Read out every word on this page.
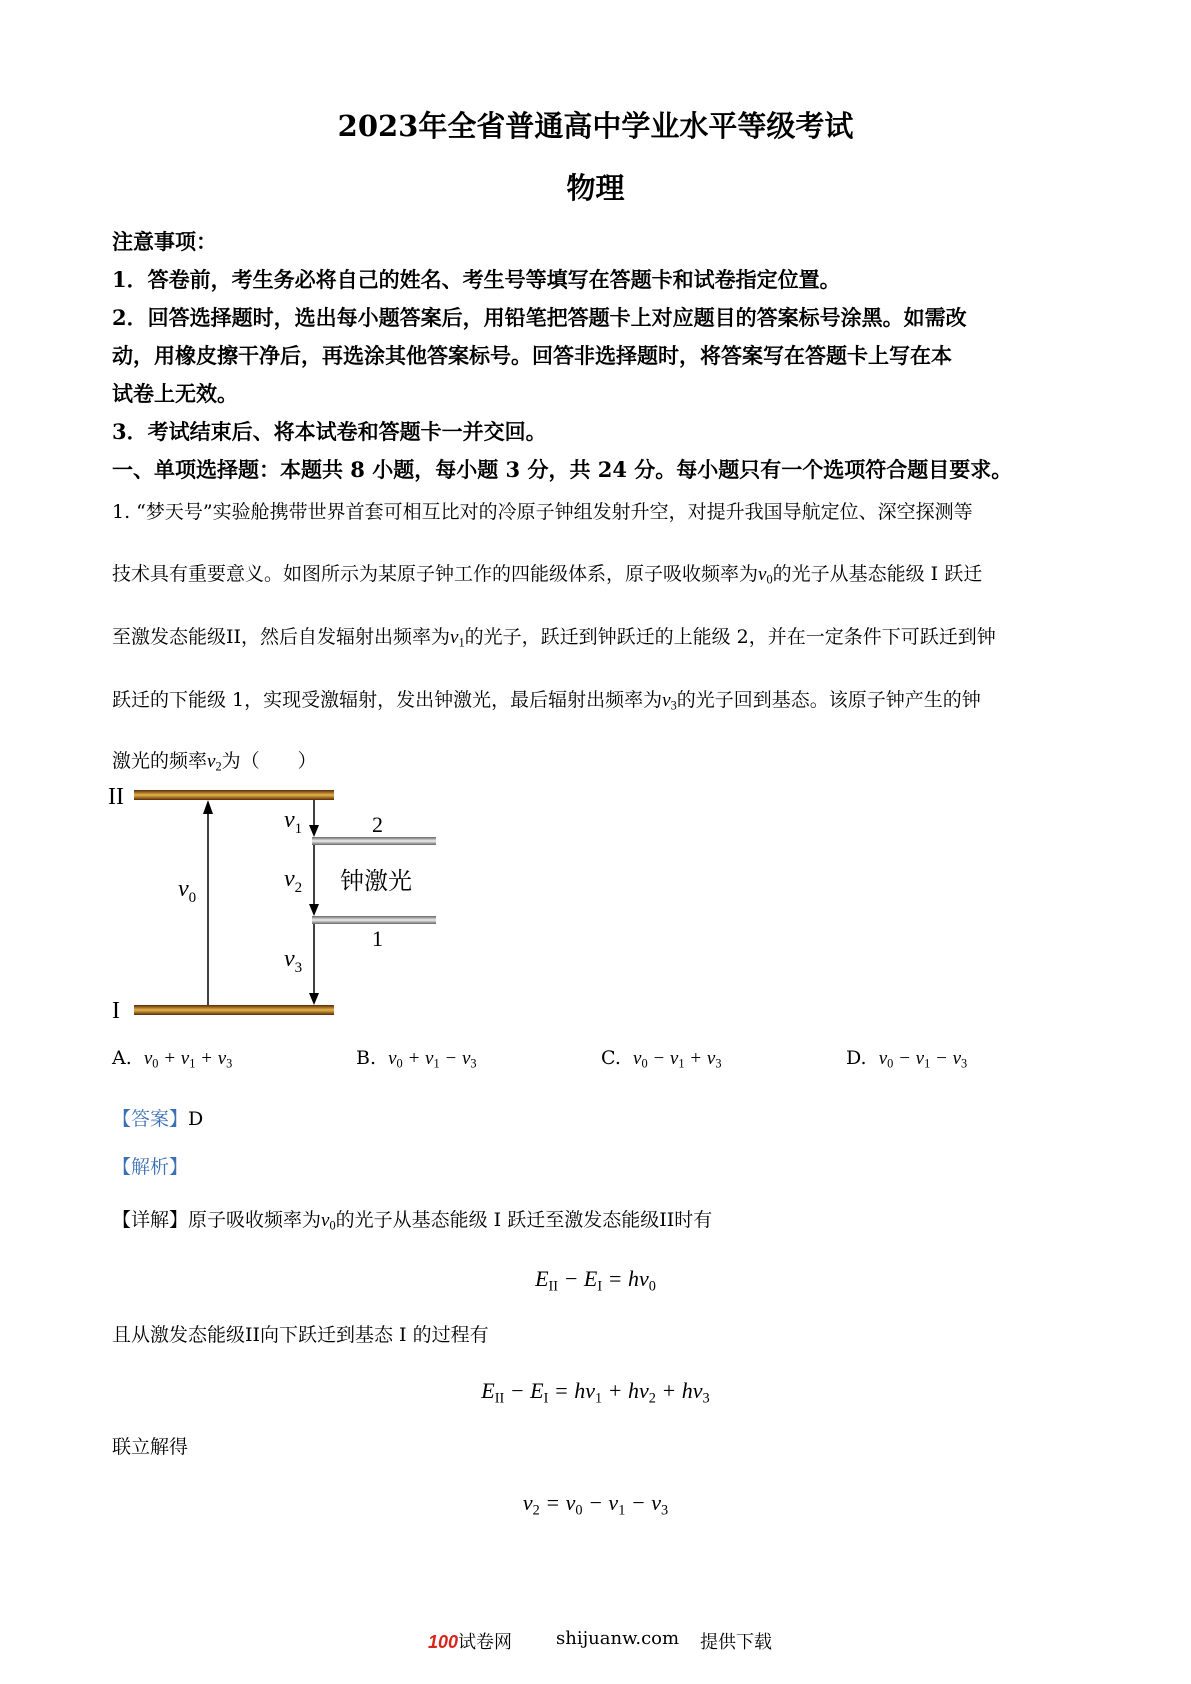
2023年全省普通高中学业水平等级考试
物理
注意事项：
1．答卷前，考生务必将自己的姓名、考生号等填写在答题卡和试卷指定位置。
2．回答选择题时，选出每小题答案后，用铅笔把答题卡上对应题目的答案标号涂黑。如需改
动，用橡皮擦干净后，再选涂其他答案标号。回答非选择题时，将答案写在答题卡上写在本
试卷上无效。
3．考试结束后、将本试卷和答题卡一并交回。
一、单项选择题：本题共 8 小题，每小题 3 分，共 24 分。每小题只有一个选项符合题目要求。
1. “梦天号”实验舱携带世界首套可相互比对的冷原子钟组发射升空，对提升我国导航定位、深空探测等
技术具有重要意义。如图所示为某原子钟工作的四能级体系，原子吸收频率为$\nu_0$的光子从基态能级 I 跃迁
至激发态能级II，然后自发辐射出频率为$\nu_1$的光子，跃迁到钟跃迁的上能级 2，并在一定条件下可跃迁到钟
跃迁的下能级 1，实现受激辐射，发出钟激光，最后辐射出频率为$\nu_3$的光子回到基态。该原子钟产生的钟
激光的频率$\nu_2$为（　　）
II
I
2
1
钟激光
$\nu_0$
$\nu_1$
$\nu_2$
$\nu_3$
A. $\nu_0 + \nu_1 + \nu_3$	B. $\nu_0 + \nu_1 - \nu_3$	C. $\nu_0 - \nu_1 + \nu_3$	D. $\nu_0 - \nu_1 - \nu_3$
【答案】D
【解析】
【详解】原子吸收频率为$\nu_0$的光子从基态能级 I 跃迁至激发态能级II时有
$E_{II} - E_I = h\nu_0$
且从激发态能级II向下跃迁到基态 I 的过程有
$E_{II} - E_I = h\nu_1 + h\nu_2 + h\nu_3$
联立解得
$\nu_2 = \nu_0 - \nu_1 - \nu_3$
100试卷网 shijuanw.com 提供下载
